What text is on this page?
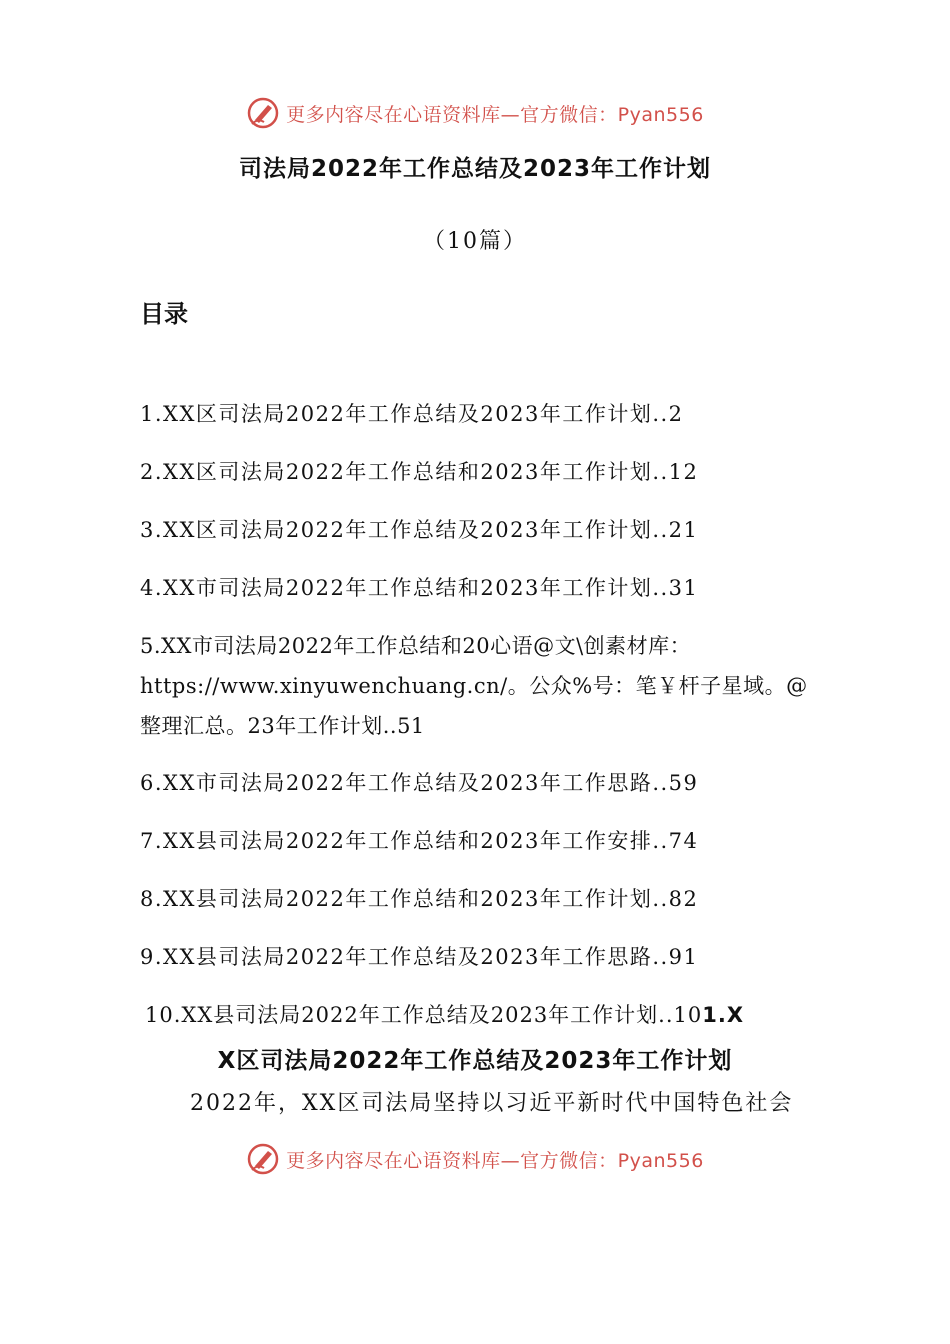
更多内容尽在心语资料库—官方微信：Pyan556
司法局2022年工作总结及2023年工作计划
（10篇）
目录
1.XX区司法局2022年工作总结及2023年工作计划..2
2.XX区司法局2022年工作总结和2023年工作计划..12
3.XX区司法局2022年工作总结及2023年工作计划..21
4.XX市司法局2022年工作总结和2023年工作计划..31
5.XX市司法局2022年工作总结和20心语@文\创素材库：https://www.xinyuwenchuang.cn/。公众%号：笔￥杆子星域。@整理汇总。23年工作计划..51
6.XX市司法局2022年工作总结及2023年工作思路..59
7.XX县司法局2022年工作总结和2023年工作安排..74
8.XX县司法局2022年工作总结和2023年工作计划..82
9.XX县司法局2022年工作总结及2023年工作思路..91
10.XX县司法局2022年工作总结及2023年工作计划..101.X
X区司法局2022年工作总结及2023年工作计划
2022年，XX区司法局坚持以习近平新时代中国特色社会
更多内容尽在心语资料库—官方微信：Pyan556
